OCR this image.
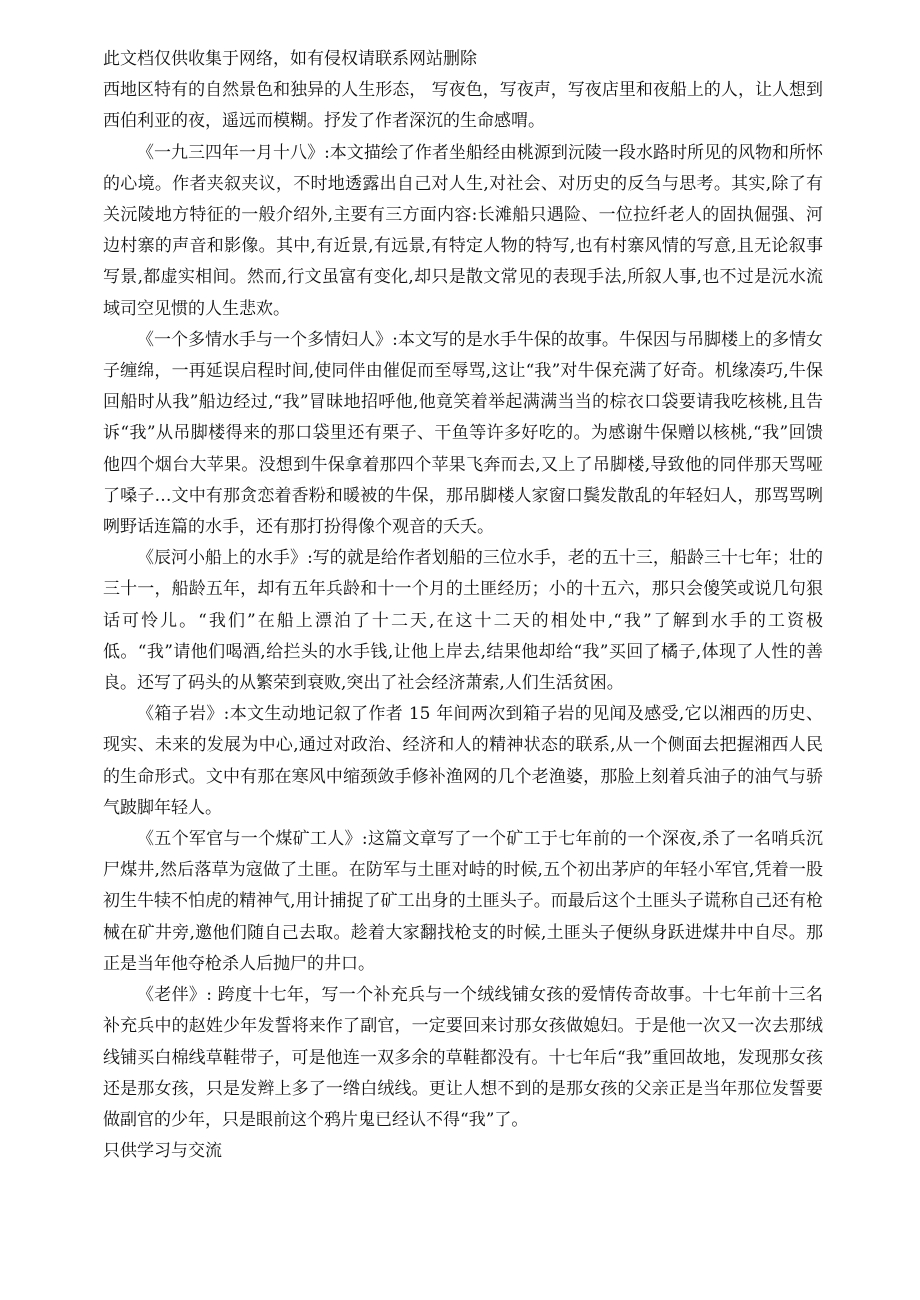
此文档仅供收集于网络，如有侵权请联系网站删除

西地区特有的自然景色和独异的人生形态， 写夜色，写夜声，写夜店里和夜船上的人，让人想到西伯利亚的夜，遥远而模糊。抒发了作者深沉的生命感喟。

《一九三四年一月十八》:本文描绘了作者坐船经由桃源到沅陵一段水路时所见的风物和所怀的心境。作者夹叙夹议，不时地透露出自己对人生,对社会、对历史的反刍与思考。其实,除了有关沅陵地方特征的一般介绍外,主要有三方面内容:长滩船只遇险、一位拉纤老人的固执倔强、河边村寨的声音和影像。其中,有近景,有远景,有特定人物的特写,也有村寨风情的写意,且无论叙事写景,都虚实相间。然而,行文虽富有变化,却只是散文常见的表现手法,所叙人事,也不过是沅水流域司空见惯的人生悲欢。

《一个多情水手与一个多情妇人》:本文写的是水手牛保的故事。牛保因与吊脚楼上的多情女子缠绵，一再延误启程时间,使同伴由催促而至辱骂,这让“我”对牛保充满了好奇。机缘凑巧,牛保回船时从我”船边经过,“我”冒昧地招呼他,他竟笑着举起满满当当的棕衣口袋要请我吃核桃,且告诉“我”从吊脚楼得来的那口袋里还有栗子、干鱼等许多好吃的。为感谢牛保赠以核桃,“我”回馈他四个烟台大苹果。没想到牛保拿着那四个苹果飞奔而去,又上了吊脚楼,导致他的同伴那天骂哑了嗓子…文中有那贪恋着香粉和暖被的牛保，那吊脚楼人家窗口鬓发散乱的年轻妇人，那骂骂咧咧野话连篇的水手，还有那打扮得像个观音的夭夭。

《辰河小船上的水手》:写的就是给作者划船的三位水手，老的五十三，船龄三十七年；壮的三十一，船龄五年，却有五年兵龄和十一个月的土匪经历；小的十五六，那只会傻笑或说几句狠话可怜儿。“我们”在船上漂泊了十二天,在这十二天的相处中,“我”了解到水手的工资极低。“我”请他们喝酒,给拦头的水手钱,让他上岸去,结果他却给“我”买回了橘子,体现了人性的善良。还写了码头的从繁荣到衰败,突出了社会经济萧索,人们生活贫困。

《箱子岩》:本文生动地记叙了作者 15 年间两次到箱子岩的见闻及感受,它以湘西的历史、现实、未来的发展为中心,通过对政治、经济和人的精神状态的联系,从一个侧面去把握湘西人民的生命形式。文中有那在寒风中缩颈敛手修补渔网的几个老渔婆，那脸上刻着兵油子的油气与骄气跛脚年轻人。

《五个军官与一个煤矿工人》:这篇文章写了一个矿工于七年前的一个深夜,杀了一名哨兵沉尸煤井,然后落草为寇做了土匪。在防军与土匪对峙的时候,五个初出茅庐的年轻小军官,凭着一股初生牛犊不怕虎的精神气,用计捕捉了矿工出身的土匪头子。而最后这个土匪头子谎称自己还有枪械在矿井旁,邀他们随自己去取。趁着大家翻找枪支的时候,土匪头子便纵身跃进煤井中自尽。那正是当年他夺枪杀人后抛尸的井口。

《老伴》: 跨度十七年，写一个补充兵与一个绒线铺女孩的爱情传奇故事。十七年前十三名补充兵中的赵姓少年发誓将来作了副官，一定要回来讨那女孩做媳妇。于是他一次又一次去那绒线铺买白棉线草鞋带子，可是他连一双多余的草鞋都没有。十七年后“我”重回故地，发现那女孩还是那女孩，只是发辫上多了一绺白绒线。更让人想不到的是那女孩的父亲正是当年那位发誓要做副官的少年，只是眼前这个鸦片鬼已经认不得“我”了。

只供学习与交流
